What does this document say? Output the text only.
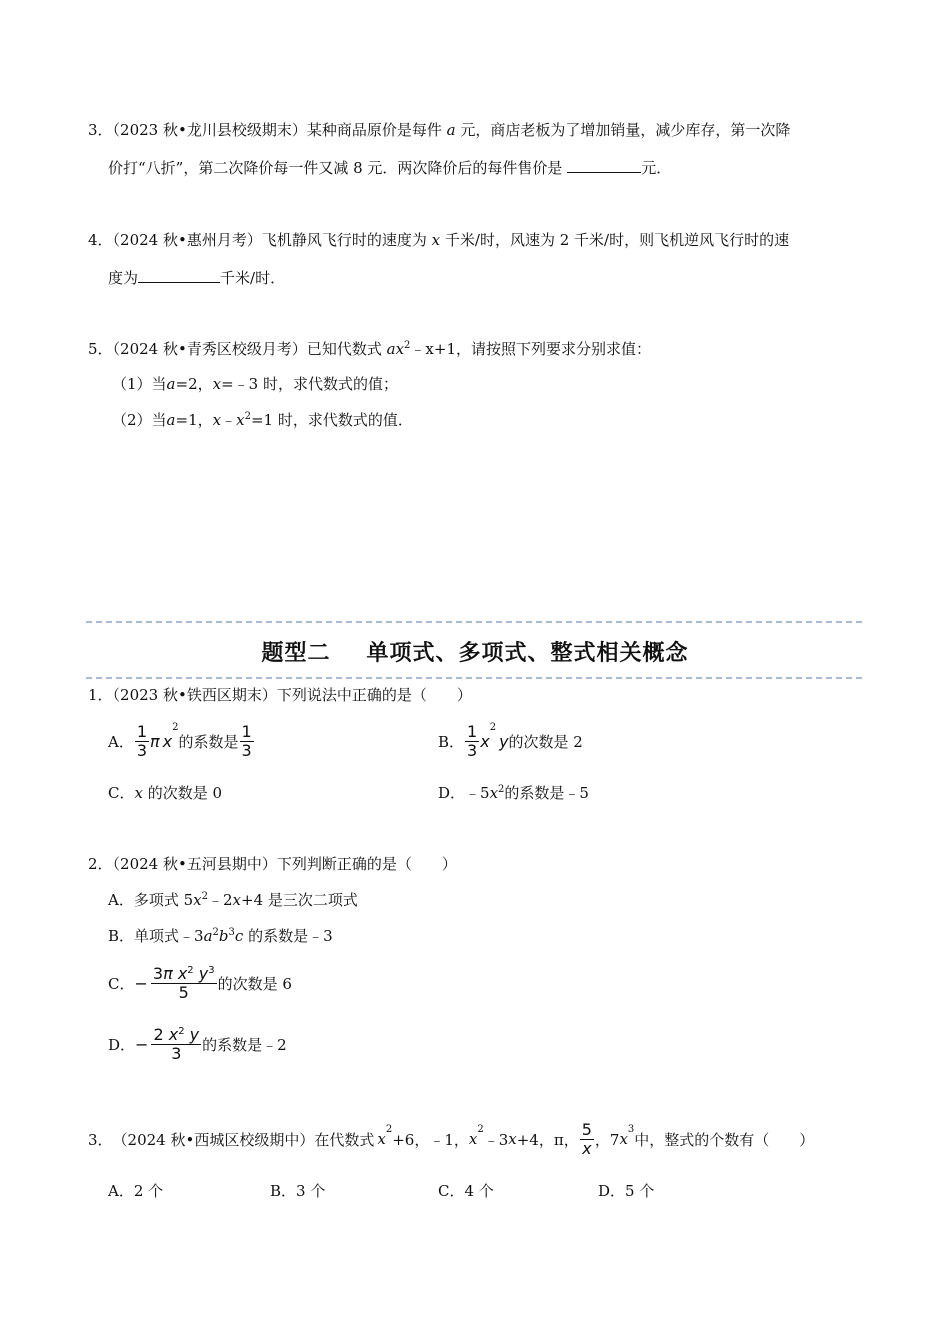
3．（2023 秋•龙川县校级期末）某种商品原价是每件 a 元，商店老板为了增加销量，减少库存，第一次降
价打“八折”，第二次降价每一件又减 8 元．两次降价后的每件售价是	元．
4．（2024 秋•惠州月考）飞机静风飞行时的速度为 x 千米/时，风速为 2 千米/时，则飞机逆风飞行时的速
度为	千米/时．
5．（2024 秋•青秀区校级月考）已知代数式 $ax^2﹣x+1$，请按照下列要求分别求值：
（1）当a=2，x=﹣3 时，求代数式的值；
（2）当a=1，$x﹣x^2=1$ 时，求代数式的值．
题型二 单项式、多项式、整式相关概念
1．（2023 秋•铁西区期末）下列说法中正确的是（　　）
A． $\frac{1}{3}$ π x
2
的系数是 $\frac{1}{3}$	B． $\frac{1}{3}$ x
2
y 的次数是 2
C．x 的次数是 0	D．$﹣5x^2$的系数是﹣5
2．（2024 秋•五河县期中）下列判断正确的是（　　）
A．多项式 $5x^2﹣2x+4$ 是三次二项式
B．单项式$﹣3a^2b^3c$ 的系数是﹣3
C． − $\frac{3\pi x^2 y^3}{5}$ 的次数是 6
D． − $\frac{2 x^2 y}{3}$ 的系数是﹣2
3． （2024 秋•西城区校级期中） 在代数式 x
2
+6，﹣1， x
2
﹣3 x +4，π， $\frac{5}{x}$ ，7 x
3
中，整式的个数有（　　）
A．2 个	B．3 个	C．4 个	D．5 个
